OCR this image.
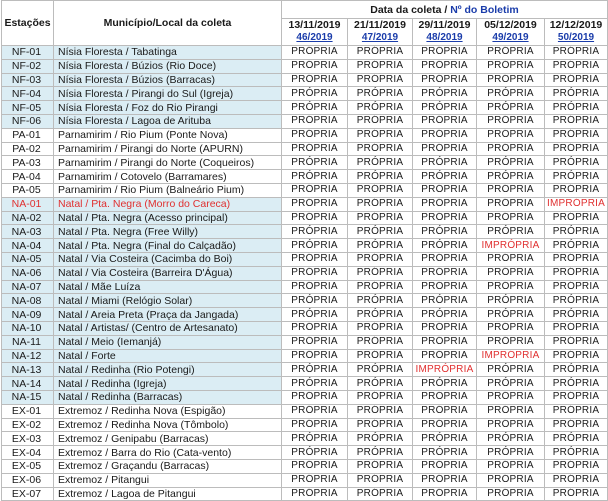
Estações	Município/Local da coleta	Data da coleta / Nº do Boletim				
		13/11/2019	21/11/2019	29/11/2019	05/12/2019	12/12/2019
		46/2019	47/2019	48/2019	49/2019	50/2019
NF-01	Nísia Floresta / Tabatinga	PRÓPRIA	PRÓPRIA	PRÓPRIA	PRÓPRIA	PRÓPRIA
NF-02	Nísia Floresta / Búzios (Rio Doce)	PRÓPRIA	PRÓPRIA	PRÓPRIA	PRÓPRIA	PRÓPRIA
NF-03	Nísia Floresta / Búzios (Barracas)	PRÓPRIA	PRÓPRIA	PRÓPRIA	PRÓPRIA	PRÓPRIA
NF-04	Nísia Floresta / Pirangi do Sul (Igreja)	PRÓPRIA	PRÓPRIA	PRÓPRIA	PRÓPRIA	PRÓPRIA
NF-05	Nísia Floresta / Foz do Rio Pirangi	PRÓPRIA	PRÓPRIA	PRÓPRIA	PRÓPRIA	PRÓPRIA
NF-06	Nísia Floresta / Lagoa de Arituba	PRÓPRIA	PRÓPRIA	PRÓPRIA	PRÓPRIA	PRÓPRIA
PA-01	Parnamirim / Rio Pium (Ponte Nova)	PRÓPRIA	PRÓPRIA	PRÓPRIA	PRÓPRIA	PRÓPRIA
PA-02	Parnamirim / Pirangi do Norte (APURN)	PRÓPRIA	PRÓPRIA	PRÓPRIA	PRÓPRIA	PRÓPRIA
PA-03	Parnamirim / Pirangi do Norte (Coqueiros)	PRÓPRIA	PRÓPRIA	PRÓPRIA	PRÓPRIA	PRÓPRIA
PA-04	Parnamirim / Cotovelo (Barramares)	PRÓPRIA	PRÓPRIA	PRÓPRIA	PRÓPRIA	PRÓPRIA
PA-05	Parnamirim / Rio Pium (Balneário Pium)	PRÓPRIA	PRÓPRIA	PRÓPRIA	PRÓPRIA	PRÓPRIA
NA-01	Natal / Pta. Negra (Morro do Careca)	PRÓPRIA	PRÓPRIA	PRÓPRIA	PRÓPRIA	IMPRÓPRIA
NA-02	Natal / Pta. Negra (Acesso principal)	PRÓPRIA	PRÓPRIA	PRÓPRIA	PRÓPRIA	PRÓPRIA
NA-03	Natal / Pta. Negra (Free Willy)	PRÓPRIA	PRÓPRIA	PRÓPRIA	PRÓPRIA	PRÓPRIA
NA-04	Natal / Pta. Negra (Final do Calçadão)	PRÓPRIA	PRÓPRIA	PRÓPRIA	IMPRÓPRIA	PRÓPRIA
NA-05	Natal / Via Costeira (Cacimba do Boi)	PRÓPRIA	PRÓPRIA	PRÓPRIA	PRÓPRIA	PRÓPRIA
NA-06	Natal / Via Costeira (Barreira D'Água)	PRÓPRIA	PRÓPRIA	PRÓPRIA	PRÓPRIA	PRÓPRIA
NA-07	Natal / Mãe Luíza	PRÓPRIA	PRÓPRIA	PRÓPRIA	PRÓPRIA	PRÓPRIA
NA-08	Natal / Miami (Relógio Solar)	PRÓPRIA	PRÓPRIA	PRÓPRIA	PRÓPRIA	PRÓPRIA
NA-09	Natal / Areia Preta (Praça da Jangada)	PRÓPRIA	PRÓPRIA	PRÓPRIA	PRÓPRIA	PRÓPRIA
NA-10	Natal / Artistas/ (Centro de Artesanato)	PRÓPRIA	PRÓPRIA	PRÓPRIA	PRÓPRIA	PRÓPRIA
NA-11	Natal / Meio (Iemanjá)	PRÓPRIA	PRÓPRIA	PRÓPRIA	PRÓPRIA	PRÓPRIA
NA-12	Natal / Forte	PRÓPRIA	PRÓPRIA	PRÓPRIA	IMPRÓPRIA	PRÓPRIA
NA-13	Natal / Redinha (Rio Potengi)	PRÓPRIA	PRÓPRIA	IMPRÓPRIA	PRÓPRIA	PRÓPRIA
NA-14	Natal / Redinha (Igreja)	PRÓPRIA	PRÓPRIA	PRÓPRIA	PRÓPRIA	PRÓPRIA
NA-15	Natal / Redinha (Barracas)	PRÓPRIA	PRÓPRIA	PRÓPRIA	PRÓPRIA	PRÓPRIA
EX-01	Extremoz / Redinha Nova (Espigão)	PRÓPRIA	PRÓPRIA	PRÓPRIA	PRÓPRIA	PRÓPRIA
EX-02	Extremoz / Redinha Nova (Tômbolo)	PRÓPRIA	PRÓPRIA	PRÓPRIA	PRÓPRIA	PRÓPRIA
EX-03	Extremoz / Genipabu (Barracas)	PRÓPRIA	PRÓPRIA	PRÓPRIA	PRÓPRIA	PRÓPRIA
EX-04	Extremoz / Barra do Rio (Cata-vento)	PRÓPRIA	PRÓPRIA	PRÓPRIA	PRÓPRIA	PRÓPRIA
EX-05	Extremoz / Graçandu (Barracas)	PRÓPRIA	PRÓPRIA	PRÓPRIA	PRÓPRIA	PRÓPRIA
EX-06	Extremoz / Pitangui	PRÓPRIA	PRÓPRIA	PRÓPRIA	PRÓPRIA	PRÓPRIA
EX-07	Extremoz / Lagoa de Pitangui	PRÓPRIA	PRÓPRIA	PRÓPRIA	PRÓPRIA	PRÓPRIA
